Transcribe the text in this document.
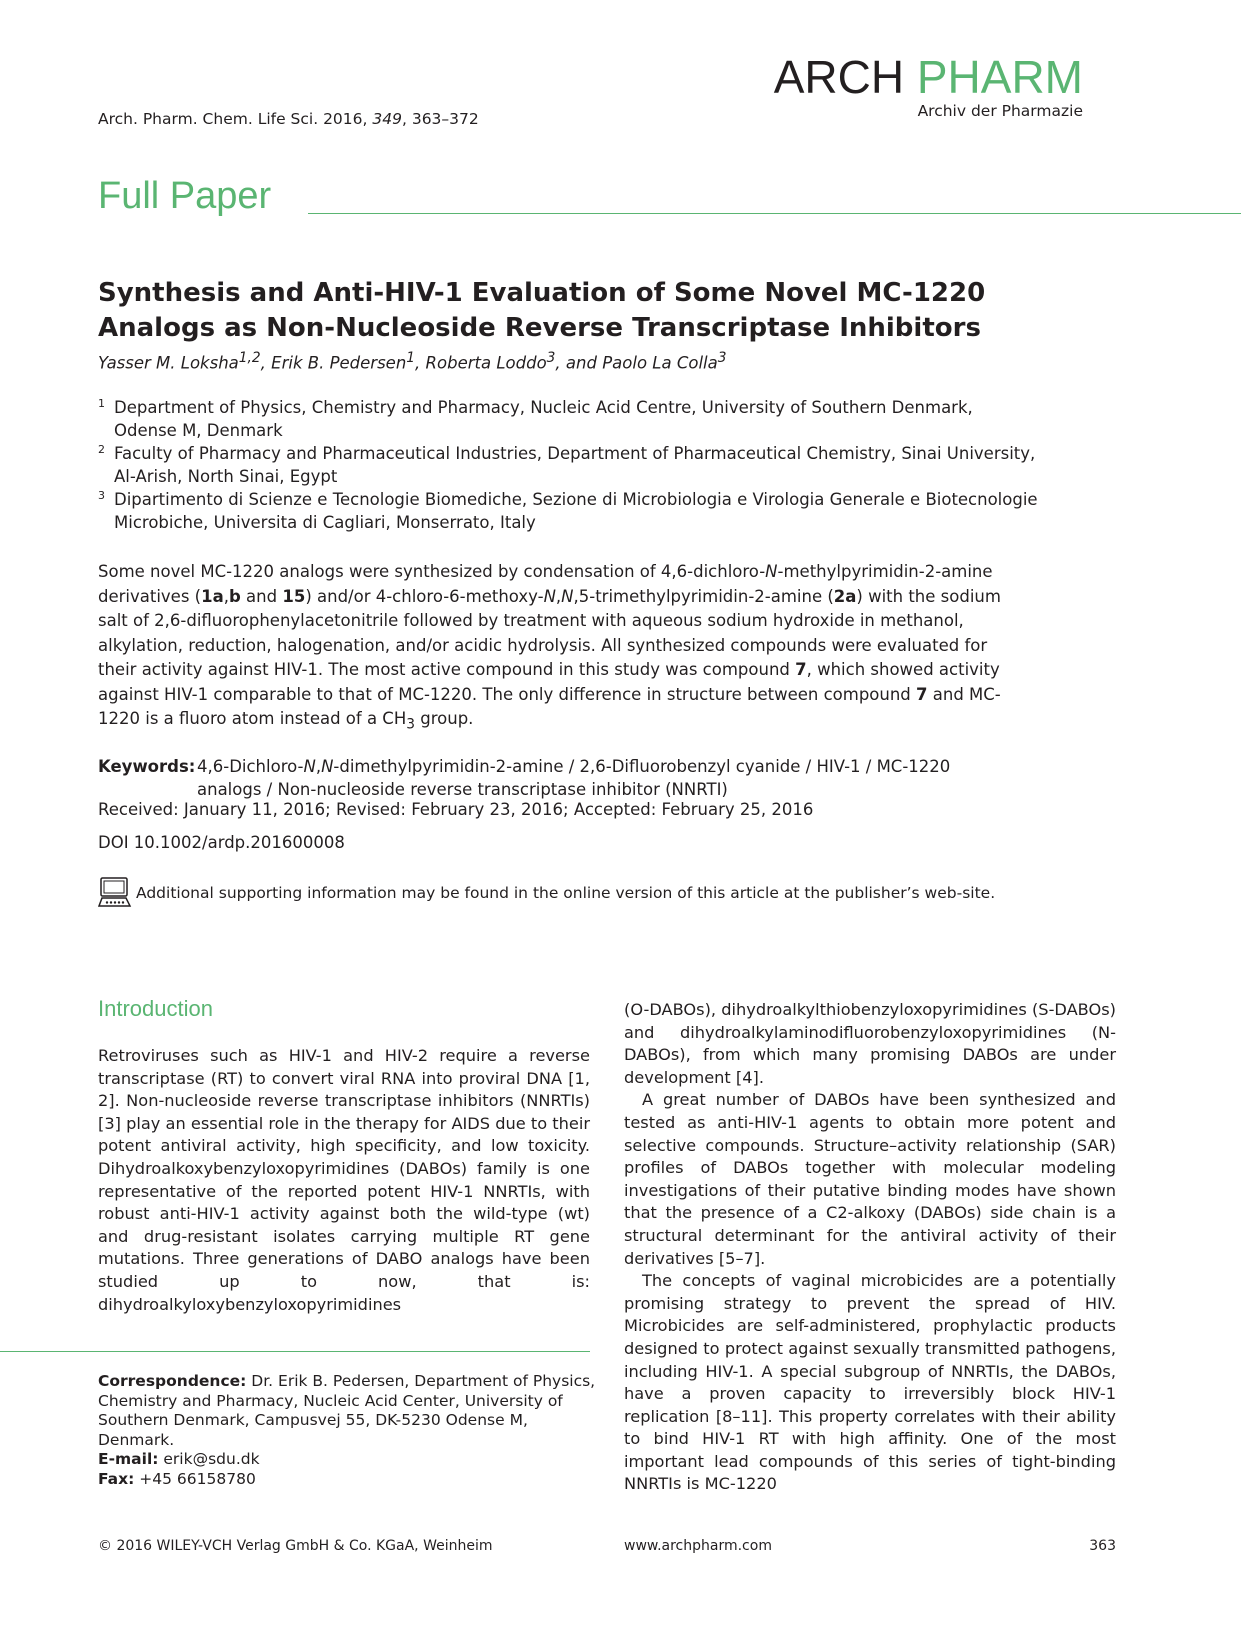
Arch. Pharm. Chem. Life Sci. 2016, 349, 363–372
ARCH PHARM
Archiv der Pharmazie
Full Paper
Synthesis and Anti-HIV-1 Evaluation of Some Novel MC-1220
Analogs as Non-Nucleoside Reverse Transcriptase Inhibitors
Yasser M. Loksha$^{1,2}$, Erik B. Pedersen$^1$, Roberta Loddo$^3$, and Paolo La Colla$^3$
1 Department of Physics, Chemistry and Pharmacy, Nucleic Acid Centre, University of Southern Denmark, Odense M, Denmark
2 Faculty of Pharmacy and Pharmaceutical Industries, Department of Pharmaceutical Chemistry, Sinai University, Al-Arish, North Sinai, Egypt
3 Dipartimento di Scienze e Tecnologie Biomediche, Sezione di Microbiologia e Virologia Generale e Biotecnologie Microbiche, Universita di Cagliari, Monserrato, Italy
Some novel MC-1220 analogs were synthesized by condensation of 4,6-dichloro-N-methylpyrimidin-2-amine derivatives (1a,b and 15) and/or 4-chloro-6-methoxy-N,N,5-trimethylpyrimidin-2-amine (2a) with the sodium salt of 2,6-difluorophenylacetonitrile followed by treatment with aqueous sodium hydroxide in methanol, alkylation, reduction, halogenation, and/or acidic hydrolysis. All synthesized compounds were evaluated for their activity against HIV-1. The most active compound in this study was compound 7, which showed activity against HIV-1 comparable to that of MC-1220. The only difference in structure between compound 7 and MC-1220 is a fluoro atom instead of a $CH_3$ group.
Keywords: 4,6-Dichloro-N,N-dimethylpyrimidin-2-amine / 2,6-Difluorobenzyl cyanide / HIV-1 / MC-1220 analogs / Non-nucleoside reverse transcriptase inhibitor (NNRTI)
Received: January 11, 2016; Revised: February 23, 2016; Accepted: February 25, 2016
DOI 10.1002/ardp.201600008
Additional supporting information may be found in the online version of this article at the publisher’s web-site.
Introduction

Retroviruses such as HIV-1 and HIV-2 require a reverse transcriptase (RT) to convert viral RNA into proviral DNA [1, 2]. Non-nucleoside reverse transcriptase inhibitors (NNRTIs) [3] play an essential role in the therapy for AIDS due to their potent antiviral activity, high specificity, and low toxicity. Dihydroalkoxybenzyloxopyrimidines (DABOs) family is one representative of the reported potent HIV-1 NNRTIs, with robust anti-HIV-1 activity against both the wild-type (wt) and drug-resistant isolates carrying multiple RT gene mutations. Three generations of DABO analogs have been studied up to now, that is: dihydroalkyloxybenzyloxopyrimidines

(O-DABOs), dihydroalkylthiobenzyloxopyrimidines (S-DABOs) and dihydroalkylaminodifluorobenzyloxopyrimidines (N-DABOs), from which many promising DABOs are under development [4].

A great number of DABOs have been synthesized and tested as anti-HIV-1 agents to obtain more potent and selective compounds. Structure–activity relationship (SAR) profiles of DABOs together with molecular modeling investigations of their putative binding modes have shown that the presence of a C2-alkoxy (DABOs) side chain is a structural determinant for the antiviral activity of their derivatives [5–7].

The concepts of vaginal microbicides are a potentially promising strategy to prevent the spread of HIV. Microbicides are self-administered, prophylactic products designed to protect against sexually transmitted pathogens, including HIV-1. A special subgroup of NNRTIs, the DABOs, have a proven capacity to irreversibly block HIV-1 replication [8–11]. This property correlates with their ability to bind HIV-1 RT with high affinity. One of the most important lead compounds of this series of tight-binding NNRTIs is MC-1220

Correspondence: Dr. Erik B. Pedersen, Department of Physics, Chemistry and Pharmacy, Nucleic Acid Center, University of Southern Denmark, Campusvej 55, DK-5230 Odense M, Denmark.
E-mail: erik@sdu.dk
Fax: +45 66158780
© 2016 WILEY-VCH Verlag GmbH & Co. KGaA, Weinheim	www.archpharm.com	363
